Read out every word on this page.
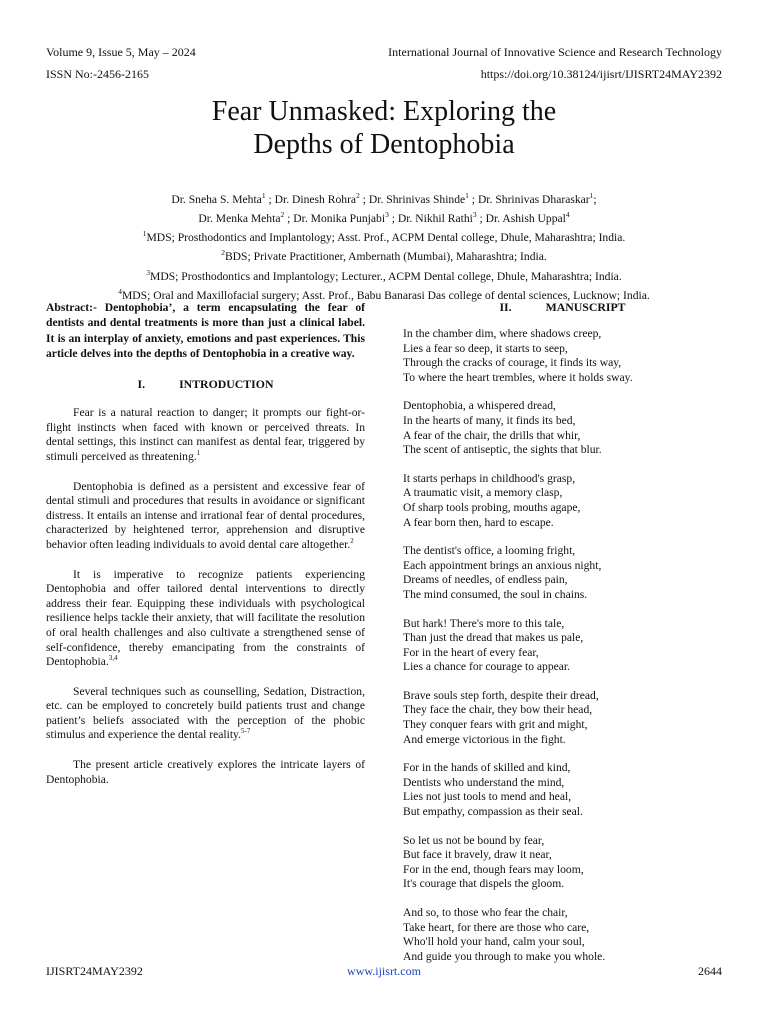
Volume 9, Issue 5, May – 2024	International Journal of Innovative Science and Research Technology
ISSN No:-2456-2165	https://doi.org/10.38124/ijisrt/IJISRT24MAY2392
Fear Unmasked: Exploring the
Depths of Dentophobia
Dr. Sneha S. Mehta$^1$ ; Dr. Dinesh Rohra$^2$ ; Dr. Shrinivas Shinde$^1$ ; Dr. Shrinivas Dharaskar$^1$;
Dr. Menka Mehta$^2$ ; Dr. Monika Punjabi$^3$ ; Dr. Nikhil Rathi$^3$ ; Dr. Ashish Uppal$^4$
$^1$MDS; Prosthodontics and Implantology; Asst. Prof., ACPM Dental college, Dhule, Maharashtra; India.
$^2$BDS; Private Practitioner, Ambernath (Mumbai), Maharashtra; India.
$^3$MDS; Prosthodontics and Implantology; Lecturer., ACPM Dental college, Dhule, Maharashtra; India.
$^4$MDS; Oral and Maxillofacial surgery; Asst. Prof., Babu Banarasi Das college of dental sciences, Lucknow; India.

Abstract:- Dentophobia’, a term encapsulating the fear of dentists and dental treatments is more than just a clinical label. It is an interplay of anxiety, emotions and past experiences. This article delves into the depths of Dentophobia in a creative way.

I.	INTRODUCTION

Fear is a natural reaction to danger; it prompts our fight-or-flight instincts when faced with known or perceived threats. In dental settings, this instinct can manifest as dental fear, triggered by stimuli perceived as threatening.$^1$

Dentophobia is defined as a persistent and excessive fear of dental stimuli and procedures that results in avoidance or significant distress. It entails an intense and irrational fear of dental procedures, characterized by heightened terror, apprehension and disruptive behavior often leading individuals to avoid dental care altogether.$^2$

It is imperative to recognize patients experiencing Dentophobia and offer tailored dental interventions to directly address their fear. Equipping these individuals with psychological resilience helps tackle their anxiety, that will facilitate the resolution of oral health challenges and also cultivate a strengthened sense of self-confidence, thereby emancipating from the constraints of Dentophobia.$^{3,4}$

Several techniques such as counselling, Sedation, Distraction, etc. can be employed to concretely build patients trust and change patient’s beliefs associated with the perception of the phobic stimulus and experience the dental reality.$^{5-7}$

The present article creatively explores the intricate layers of Dentophobia.

II.	MANUSCRIPT

In the chamber dim, where shadows creep,
Lies a fear so deep, it starts to seep,
Through the cracks of courage, it finds its way,
To where the heart trembles, where it holds sway.
Dentophobia, a whispered dread,
In the hearts of many, it finds its bed,
A fear of the chair, the drills that whir,
The scent of antiseptic, the sights that blur.
It starts perhaps in childhood's grasp,
A traumatic visit, a memory clasp,
Of sharp tools probing, mouths agape,
A fear born then, hard to escape.
The dentist's office, a looming fright,
Each appointment brings an anxious night,
Dreams of needles, of endless pain,
The mind consumed, the soul in chains.
But hark! There's more to this tale,
Than just the dread that makes us pale,
For in the heart of every fear,
Lies a chance for courage to appear.
Brave souls step forth, despite their dread,
They face the chair, they bow their head,
They conquer fears with grit and might,
And emerge victorious in the fight.
For in the hands of skilled and kind,
Dentists who understand the mind,
Lies not just tools to mend and heal,
But empathy, compassion as their seal.
So let us not be bound by fear,
But face it bravely, draw it near,
For in the end, though fears may loom,
It's courage that dispels the gloom.
And so, to those who fear the chair,
Take heart, for there are those who care,
Who'll hold your hand, calm your soul,
And guide you through to make you whole.
IJISRT24MAY2392	www.ijisrt.com	2644
